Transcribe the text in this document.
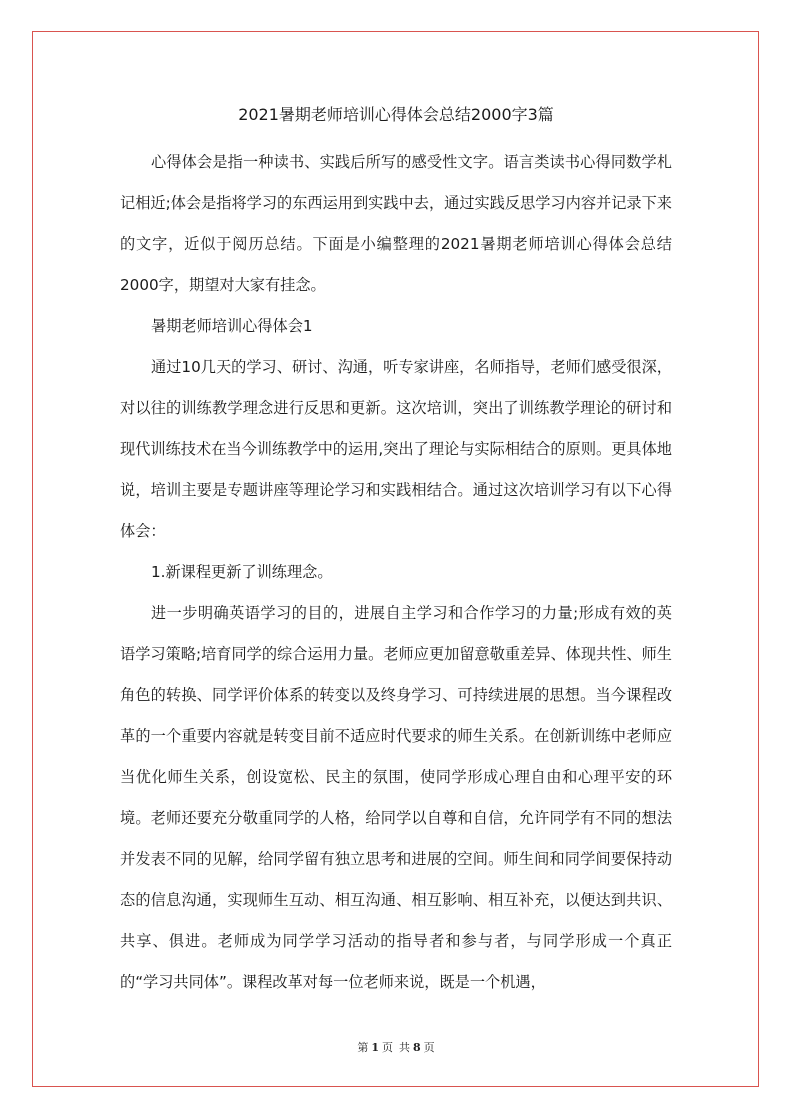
2021暑期老师培训心得体会总结2000字3篇

心得体会是指一种读书、实践后所写的感受性文字。语言类读书心得同数学札记相近;体会是指将学习的东西运用到实践中去，通过实践反思学习内容并记录下来的文字，近似于阅历总结。下面是小编整理的2021暑期老师培训心得体会总结2000字，期望对大家有挂念。

暑期老师培训心得体会1

通过10几天的学习、研讨、沟通，听专家讲座，名师指导，老师们感受很深，对以往的训练教学理念进行反思和更新。这次培训，突出了训练教学理论的研讨和现代训练技术在当今训练教学中的运用,突出了理论与实际相结合的原则。更具体地说，培训主要是专题讲座等理论学习和实践相结合。通过这次培训学习有以下心得体会：

1.新课程更新了训练理念。

进一步明确英语学习的目的，进展自主学习和合作学习的力量;形成有效的英语学习策略;培育同学的综合运用力量。老师应更加留意敬重差异、体现共性、师生角色的转换、同学评价体系的转变以及终身学习、可持续进展的思想。当今课程改革的一个重要内容就是转变目前不适应时代要求的师生关系。在创新训练中老师应当优化师生关系，创设宽松、民主的氛围，使同学形成心理自由和心理平安的环境。老师还要充分敬重同学的人格，给同学以自尊和自信，允许同学有不同的想法并发表不同的见解，给同学留有独立思考和进展的空间。师生间和同学间要保持动态的信息沟通，实现师生互动、相互沟通、相互影响、相互补充，以便达到共识、共享、俱进。老师成为同学学习活动的指导者和参与者，与同学形成一个真正的“学习共同体”。课程改革对每一位老师来说，既是一个机遇，

第 1 页 共 8 页
